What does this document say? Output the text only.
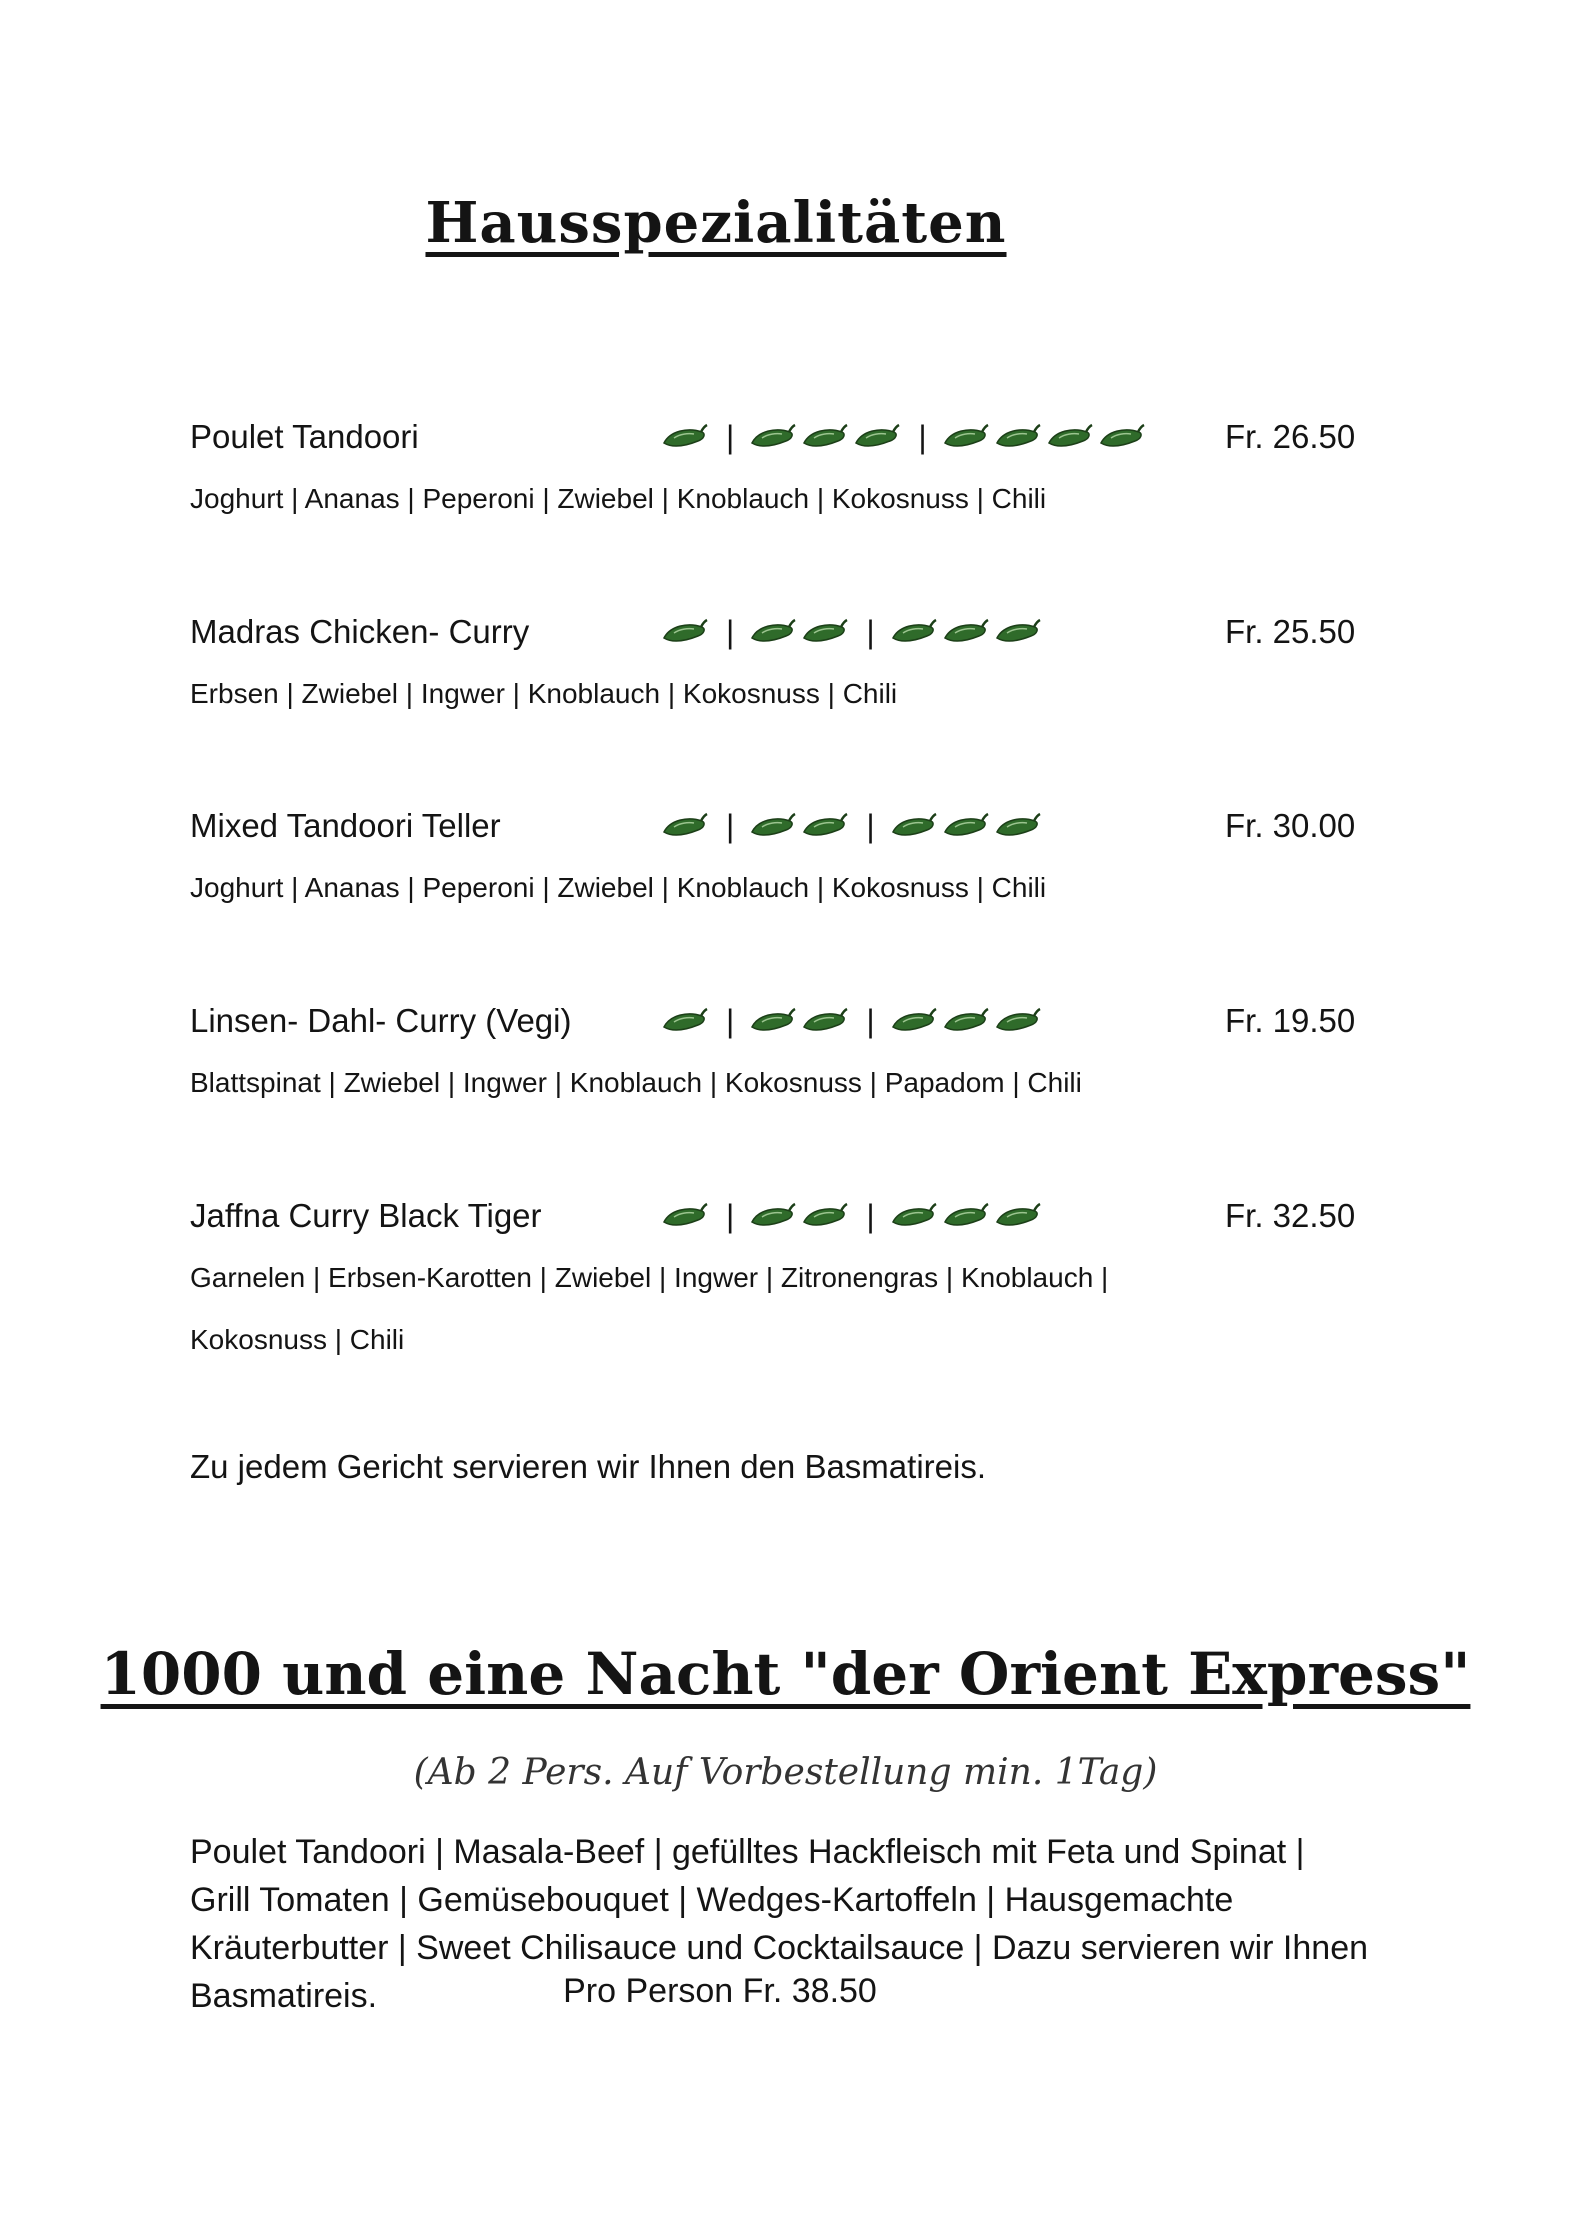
Hausspezialitäten
Poulet Tandoori	|	|	Fr. 26.50
Joghurt | Ananas | Peperoni | Zwiebel | Knoblauch | Kokosnuss | Chili
Madras Chicken- Curry	|	|	Fr. 25.50
Erbsen | Zwiebel | Ingwer | Knoblauch | Kokosnuss | Chili
Mixed Tandoori Teller	|	|	Fr. 30.00
Joghurt | Ananas | Peperoni | Zwiebel | Knoblauch | Kokosnuss | Chili
Linsen- Dahl- Curry (Vegi)	|	|	Fr. 19.50
Blattspinat | Zwiebel | Ingwer | Knoblauch | Kokosnuss | Papadom | Chili
Jaffna Curry Black Tiger	|	|	Fr. 32.50
Garnelen | Erbsen-Karotten | Zwiebel | Ingwer | Zitronengras | Knoblauch | Kokosnuss | Chili
Zu jedem Gericht servieren wir Ihnen den Basmatireis.
1000 und eine Nacht "der Orient Express"
(Ab 2 Pers. Auf Vorbestellung min. 1Tag)
Poulet Tandoori | Masala-Beef | gefülltes Hackfleisch mit Feta und Spinat | Grill Tomaten | Gemüsebouquet | Wedges-Kartoffeln | Hausgemachte Kräuterbutter | Sweet Chilisauce und Cocktailsauce | Dazu servieren wir Ihnen Basmatireis.	Pro Person Fr. 38.50
